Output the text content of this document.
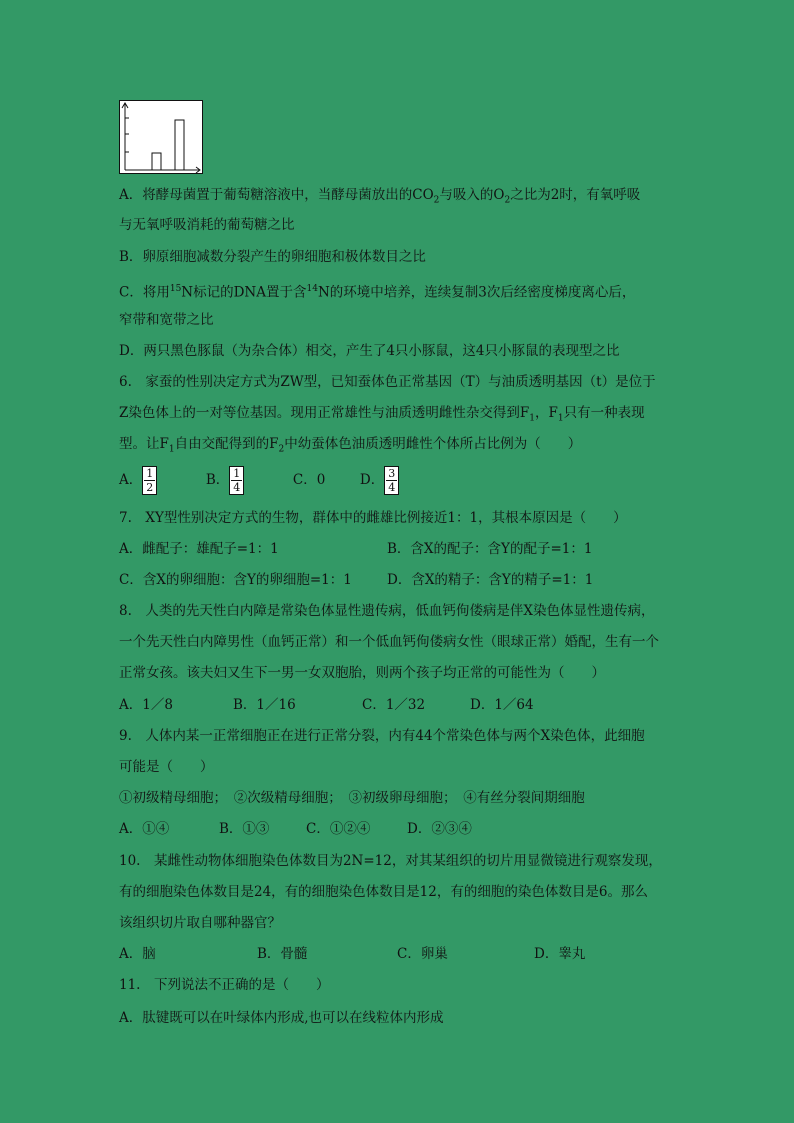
A．将酵母菌置于葡萄糖溶液中，当酵母菌放出的$CO_2$与吸入的$O_2$之比为2时，有氧呼吸
与无氧呼吸消耗的葡萄糖之比
B．卵原细胞减数分裂产生的卵细胞和极体数目之比
C．将用$^{15}$N标记的DNA置于含$^{14}$N的环境中培养，连续复制3次后经密度梯度离心后，
窄带和宽带之比
D．两只黑色豚鼠（为杂合体）相交，产生了4只小豚鼠，这4只小豚鼠的表现型之比
6.　家蚕的性别决定方式为ZW型，已知蚕体色正常基因（T）与油质透明基因（t）是位于
Z染色体上的一对等位基因。现用正常雄性与油质透明雌性杂交得到$F_1$，$F_1$只有一种表现
型。让$F_1$自由交配得到的$F_2$中幼蚕体色油质透明雌性个体所占比例为（　　）
A． $\frac{1}{2}$	B． $\frac{1}{4}$	C．0	D． $\frac{3}{4}$
7.　XY型性别决定方式的生物，群体中的雌雄比例接近1：1，其根本原因是（　　）
A．雌配子：雄配子=1：1	B．含X的配子：含Y的配子=1：1
C．含X的卵细胞：含Y的卵细胞=1：1	D．含X的精子：含Y的精子=1：1
8.　人类的先天性白内障是常染色体显性遗传病，低血钙佝偻病是伴X染色体显性遗传病，
一个先天性白内障男性（血钙正常）和一个低血钙佝偻病女性（眼球正常）婚配，生有一个
正常女孩。该夫妇又生下一男一女双胞胎，则两个孩子均正常的可能性为（　　）
A．1／8	B．1／16	C．1／32	D．1／64
9.　人体内某一正常细胞正在进行正常分裂，内有44个常染色体与两个X染色体，此细胞
可能是（　　）
①初级精母细胞；　②次级精母细胞；　③初级卵母细胞；　④有丝分裂间期细胞
A．①④	B．①③	C．①②④	D．②③④
10.　某雌性动物体细胞染色体数目为2N=12，对其某组织的切片用显微镜进行观察发现，
有的细胞染色体数目是24，有的细胞染色体数目是12，有的细胞的染色体数目是6。那么
该组织切片取自哪种器官？
A．脑	B．骨髓	C．卵巢	D．睾丸
11.　下列说法不正确的是（　　）
A．肽键既可以在叶绿体内形成,也可以在线粒体内形成
